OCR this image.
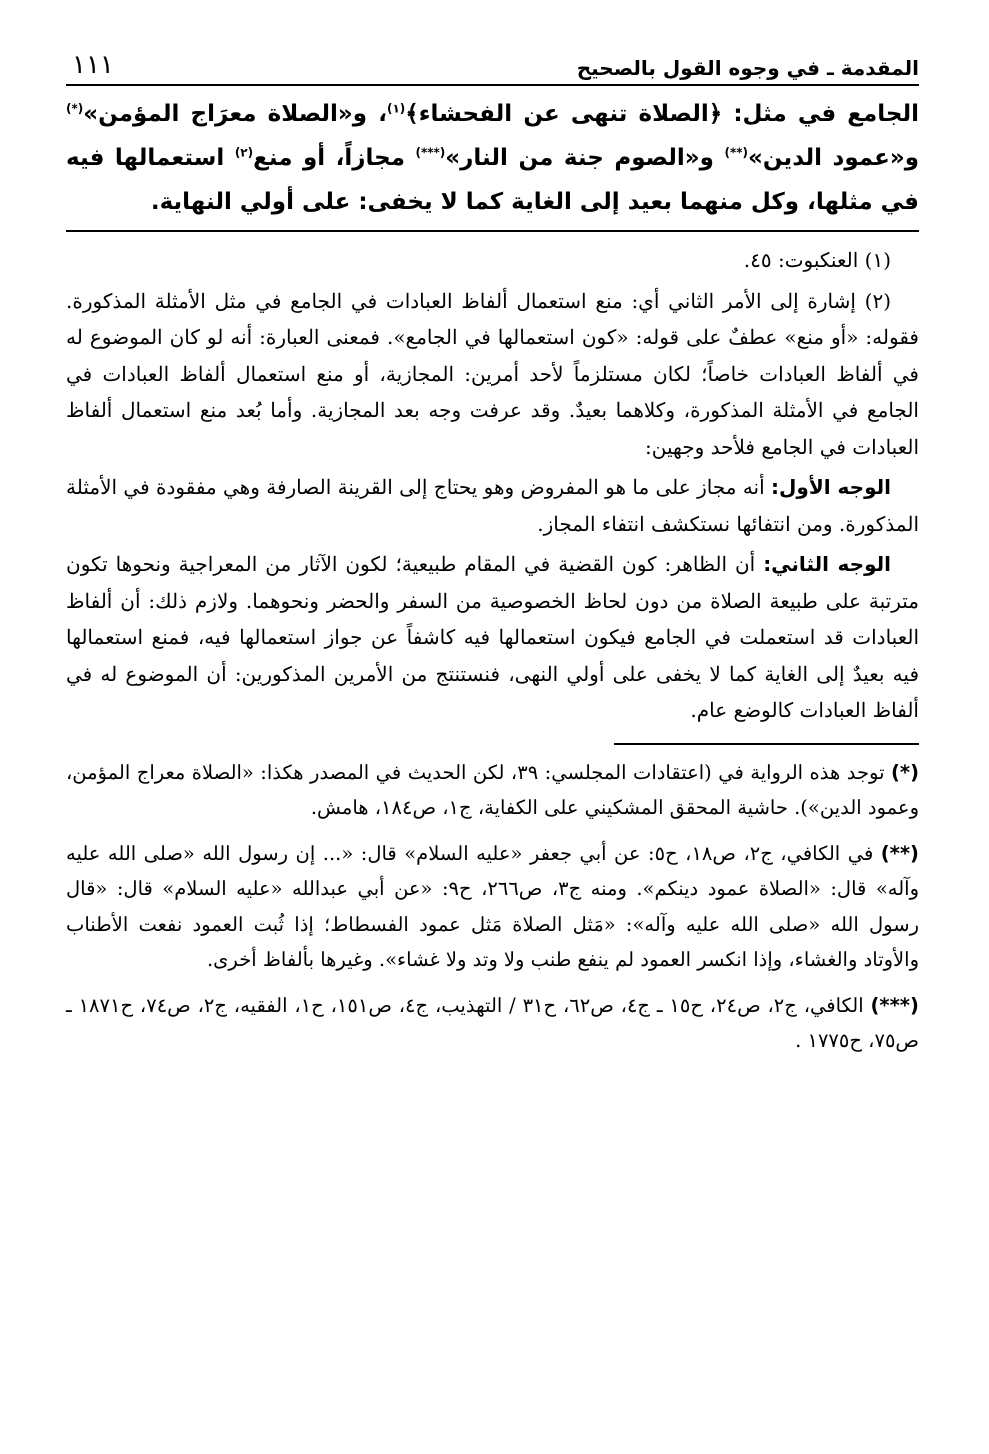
المقدمة ـ في وجوه القول بالصحيح
١١١

الجامع في مثل: ﴿الصلاة تنهى عن الفحشاء﴾$^{(١)}$، و«الصلاة معرَاج المؤمن»(*) و«عمود الدين»(**) و«الصوم جنة من النار»(***) مجازاً، أو منع$^{(٢)}$ استعمالها فيه في مثلها، وكل منهما بعيد إلى الغاية كما لا يخفى: على أولي النهاية.

(١) العنكبوت: ٤٥.

(٢) إشارة إلى الأمر الثاني أي: منع استعمال ألفاظ العبادات في الجامع في مثل الأمثلة المذكورة. فقوله: «أو منع» عطفٌ على قوله: «كون استعمالها في الجامع». فمعنى العبارة: أنه لو كان الموضوع له في ألفاظ العبادات خاصاً؛ لكان مستلزماً لأحد أمرين: المجازية، أو منع استعمال ألفاظ العبادات في الجامع في الأمثلة المذكورة، وكلاهما بعيدٌ. وقد عرفت وجه بعد المجازية. وأما بُعد منع استعمال ألفاظ العبادات في الجامع فلأحد وجهين:

الوجه الأول: أنه مجاز على ما هو المفروض وهو يحتاج إلى القرينة الصارفة وهي مفقودة في الأمثلة المذكورة. ومن انتفائها نستكشف انتفاء المجاز.

الوجه الثاني: أن الظاهر: كون القضية في المقام طبيعية؛ لكون الآثار من المعراجية ونحوها تكون مترتبة على طبيعة الصلاة من دون لحاظ الخصوصية من السفر والحضر ونحوهما. ولازم ذلك: أن ألفاظ العبادات قد استعملت في الجامع فيكون استعمالها فيه كاشفاً عن جواز استعمالها فيه، فمنع استعمالها فيه بعيدٌ إلى الغاية كما لا يخفى على أولي النهى، فنستنتج من الأمرين المذكورين: أن الموضوع له في ألفاظ العبادات كالوضع عام.

(*) توجد هذه الرواية في (اعتقادات المجلسي: ٣٩، لكن الحديث في المصدر هكذا: «الصلاة معراج المؤمن، وعمود الدين»). حاشية المحقق المشكيني على الكفاية، ج١، ص١٨٤، هامش.

(**) في الكافي، ج٢، ص١٨، ح٥: عن أبي جعفر «عليه السلام» قال: «... إن رسول الله «صلى الله عليه وآله» قال: «الصلاة عمود دينكم». ومنه ج٣، ص٢٦٦، ح٩: «عن أبي عبدالله «عليه السلام» قال: «قال رسول الله «صلى الله عليه وآله»: «مَثل الصلاة مَثل عمود الفسطاط؛ إذا ثُبت العمود نفعت الأطناب والأوتاد والغشاء، وإذا انكسر العمود لم ينفع طنب ولا وتد ولا غشاء». وغيرها بألفاظ أخرى.

(***) الكافي، ج٢، ص٢٤، ح١٥ ـ ج٤، ص٦٢، ح٣١ / التهذيب، ج٤، ص١٥١، ح١، الفقيه، ج٢، ص٧٤، ح١٨٧١ ـ ص٧٥، ح١٧٧٥ .
